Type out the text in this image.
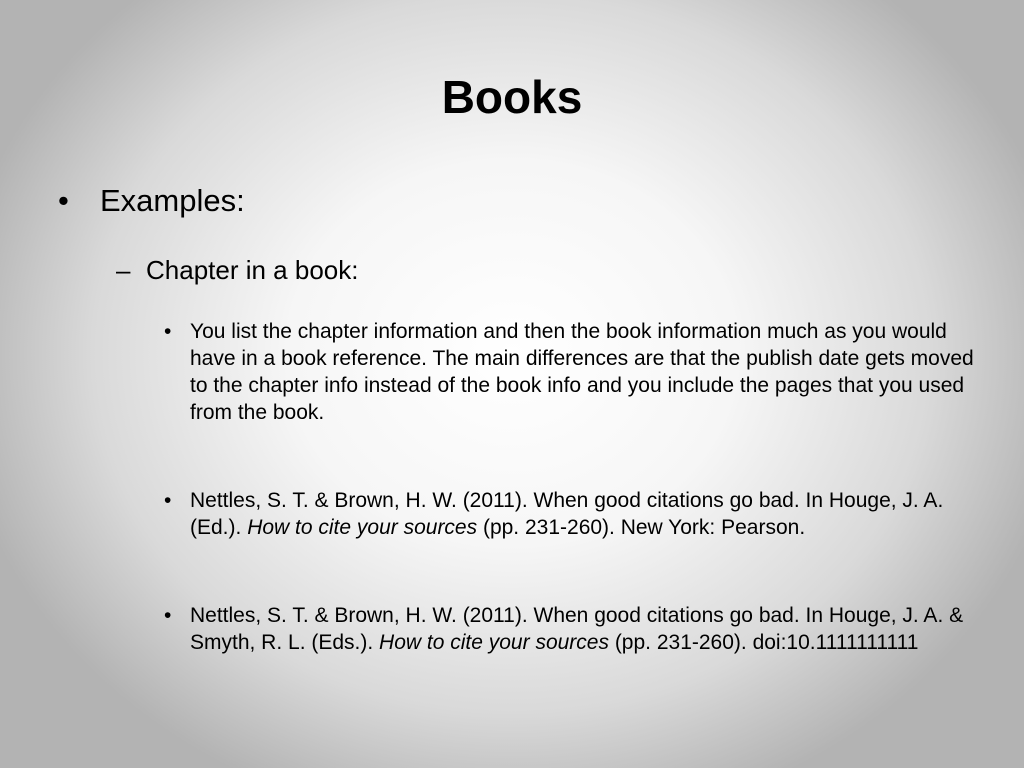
Books
•	Examples:
– Chapter in a book:
• You list the chapter information and then the book information much as you would have in a book reference. The main differences are that the publish date gets moved to the chapter info instead of the book info and you include the pages that you used from the book.
• Nettles, S. T. & Brown, H. W. (2011). When good citations go bad. In Houge, J. A. (Ed.). How to cite your sources (pp. 231-260). New York: Pearson.
• Nettles, S. T. & Brown, H. W. (2011). When good citations go bad. In Houge, J. A. & Smyth, R. L. (Eds.). How to cite your sources (pp. 231-260). doi:10.1111111111
